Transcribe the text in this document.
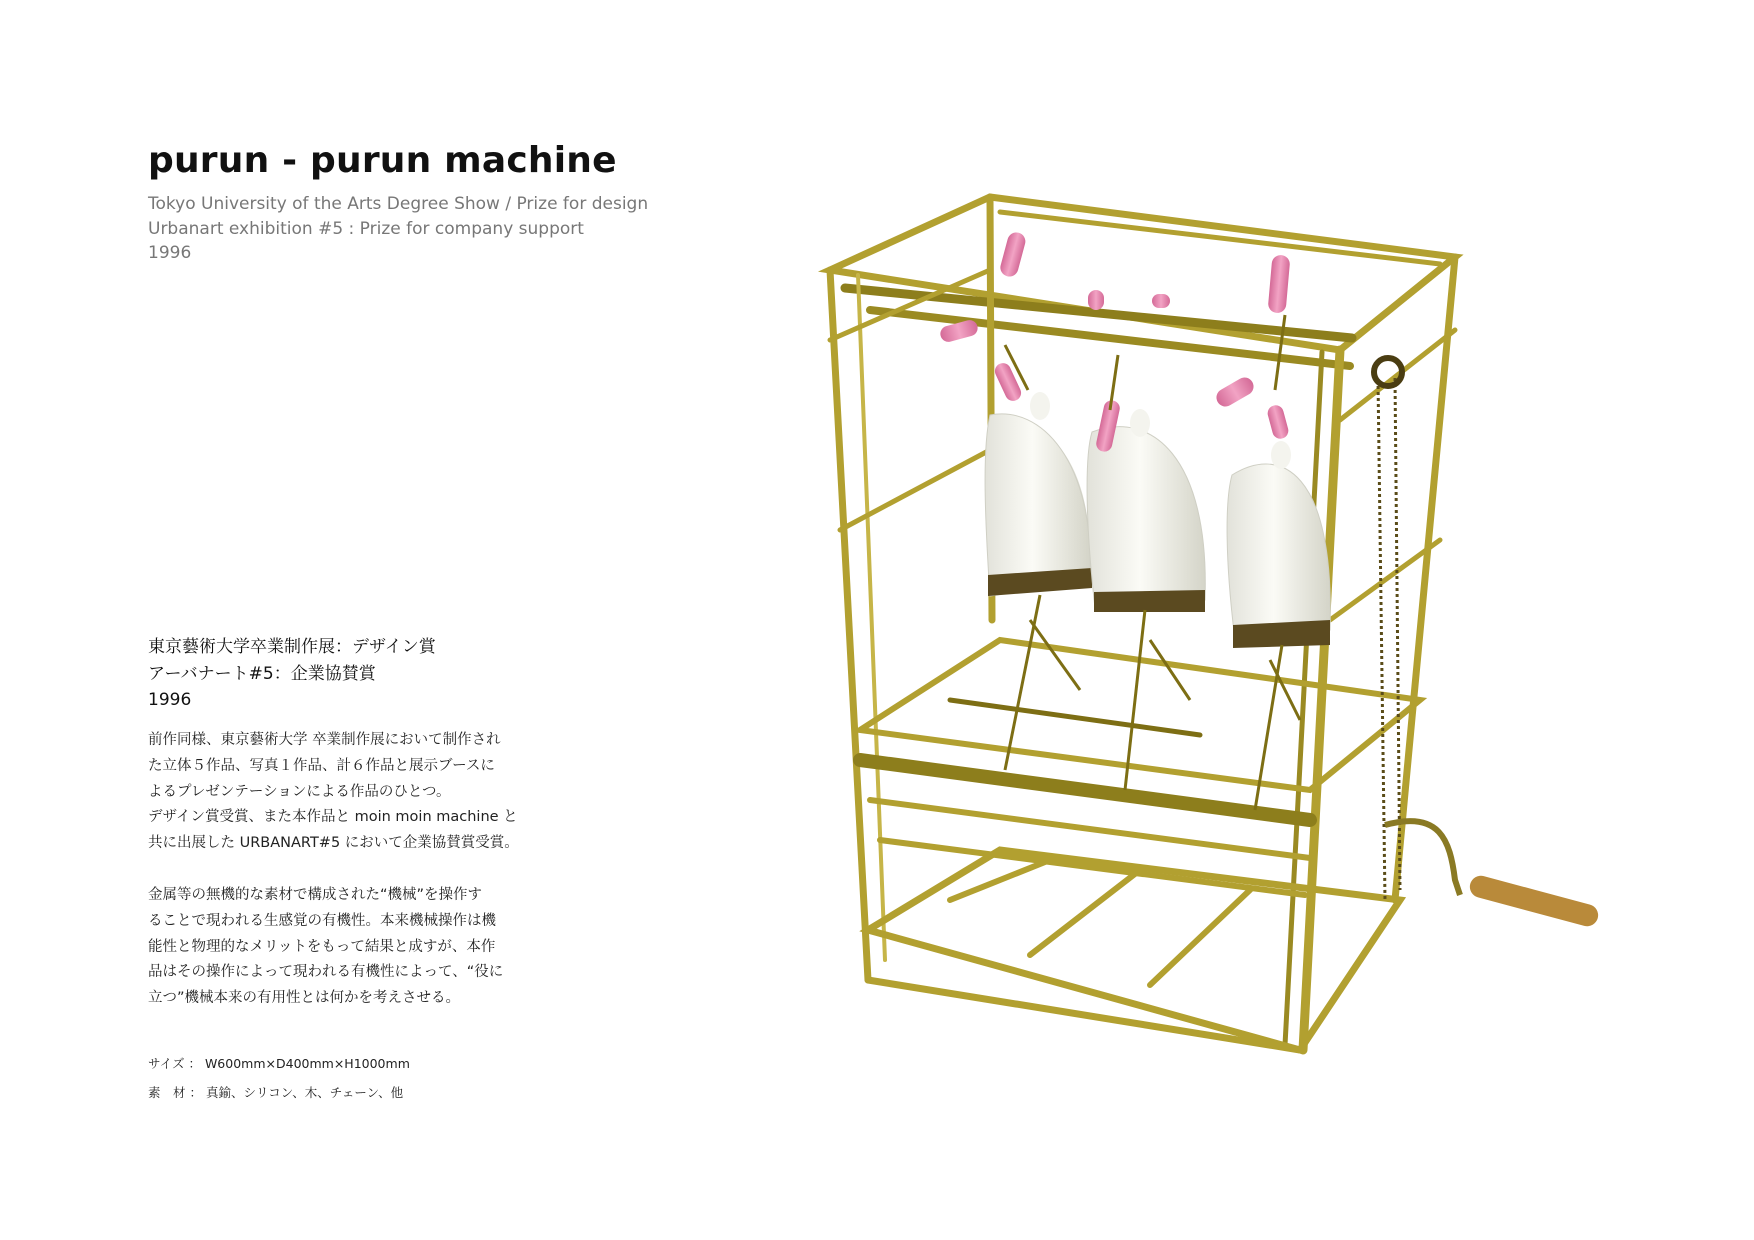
purun - purun machine
Tokyo University of the Arts Degree Show / Prize for design
Urbanart exhibition #5 : Prize for company support
1996
東京藝術大学卒業制作展：デザイン賞
アーバナート#5：企業協賛賞
1996
前作同様、東京藝術大学 卒業制作展において制作され
た立体５作品、写真１作品、計６作品と展示ブースに
よるプレゼンテーションによる作品のひとつ。
デザイン賞受賞、また本作品と moin moin machine と
共に出展した URBANART#5 において企業協賛賞受賞。
金属等の無機的な素材で構成された“機械”を操作す
ることで現われる生感覚の有機性。本来機械操作は機
能性と物理的なメリットをもって結果と成すが、本作
品はその操作によって現われる有機性によって、“役に
立つ”機械本来の有用性とは何かを考えさせる。
サイズ ： W600mm×D400mm×H1000mm
素　材 ： 真鍮、シリコン、木、チェーン、他
